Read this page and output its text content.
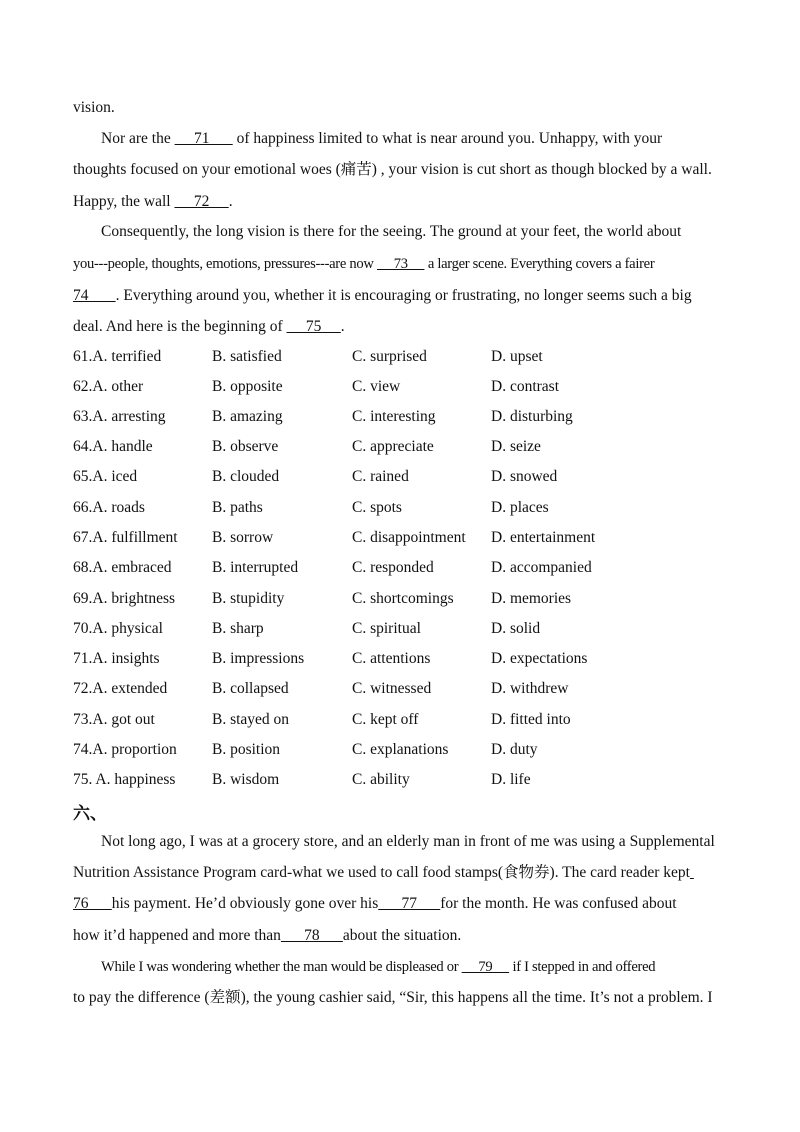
vision.
Nor are the      71       of happiness limited to what is near around you. Unhappy, with your
thoughts focused on your emotional woes (痛苦) , your vision is cut short as though blocked by a wall.
Happy, the wall      72     .
Consequently, the long vision is there for the seeing. The ground at your feet, the world about
you---people, thoughts, emotions, pressures---are now      73      a larger scene. Everything covers a fairer
74 . Everything around you, whether it is encouraging or frustrating, no longer seems such a big
deal. And here is the beginning of      75     .
61.A. terrified	B. satisfied	C. surprised	D. upset
62.A. other	B. opposite	C. view	D. contrast
63.A. arresting	B. amazing	C. interesting	D. disturbing
64.A. handle	B. observe	C. appreciate	D. seize
65.A. iced	B. clouded	C. rained	D. snowed
66.A. roads	B. paths	C. spots	D. places
67.A. fulfillment B. sorrow	C. disappointment D. entertainment
68.A. embraced	B. interrupted	C. responded	D. accompanied
69.A. brightness B. stupidity	C. shortcomings D. memories
70.A. physical	B. sharp	C. spiritual	D. solid
71.A. insights	B. impressions	C. attentions	D. expectations
72.A. extended	B. collapsed	C. witnessed	D. withdrew
73.A. got out	B. stayed on	C. kept off	D. fitted into
74.A. proportion B. position	C. explanations	D. duty
75. A. happiness B. wisdom	C. ability	D. life
六、
Not long ago, I was at a grocery store, and an elderly man in front of me was using a Supplemental
Nutrition Assistance Program card-what we used to call food stamps(食物券). The card reader kept
76 his payment. He’d obviously gone over his      77      for the month. He was confused about
how it’d happened and more than      78      about the situation.
While I was wondering whether the man would be displeased or      79      if I stepped in and offered
to pay the difference (差额), the young cashier said, “Sir, this happens all the time. It’s not a problem. I
